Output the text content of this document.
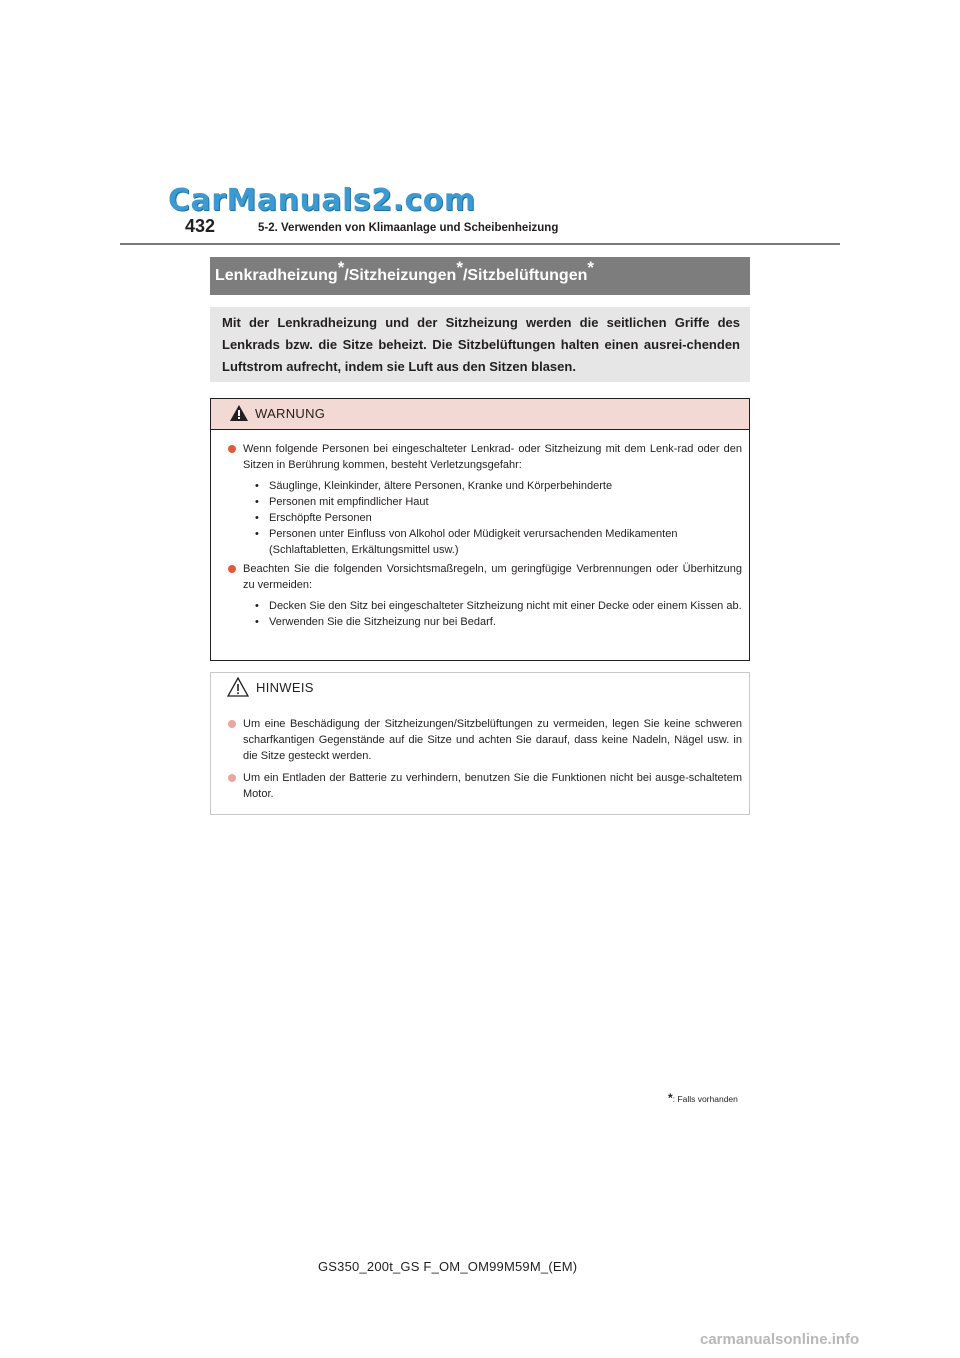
CarManuals2.com
432	5-2. Verwenden von Klimaanlage und Scheibenheizung
Lenkradheizung*/Sitzheizungen*/Sitzbelüftungen*
Mit der Lenkradheizung und der Sitzheizung werden die seitlichen Griffe des Lenkrads bzw. die Sitze beheizt. Die Sitzbelüftungen halten einen ausrei-chenden Luftstrom aufrecht, indem sie Luft aus den Sitzen blasen.
WARNUNG
Wenn folgende Personen bei eingeschalteter Lenkrad- oder Sitzheizung mit dem Lenk-rad oder den Sitzen in Berührung kommen, besteht Verletzungsgefahr:
• Säuglinge, Kleinkinder, ältere Personen, Kranke und Körperbehinderte
• Personen mit empfindlicher Haut
• Erschöpfte Personen
• Personen unter Einfluss von Alkohol oder Müdigkeit verursachenden Medikamenten (Schlaftabletten, Erkältungsmittel usw.)
Beachten Sie die folgenden Vorsichtsmaßregeln, um geringfügige Verbrennungen oder Überhitzung zu vermeiden:
• Decken Sie den Sitz bei eingeschalteter Sitzheizung nicht mit einer Decke oder einem Kissen ab.
• Verwenden Sie die Sitzheizung nur bei Bedarf.
HINWEIS
Um eine Beschädigung der Sitzheizungen/Sitzbelüftungen zu vermeiden, legen Sie keine schweren scharfkantigen Gegenstände auf die Sitze und achten Sie darauf, dass keine Nadeln, Nägel usw. in die Sitze gesteckt werden.
Um ein Entladen der Batterie zu verhindern, benutzen Sie die Funktionen nicht bei ausge-schaltetem Motor.
*: Falls vorhanden
GS350_200t_GS F_OM_OM99M59M_(EM)
carmanualsonline.info
